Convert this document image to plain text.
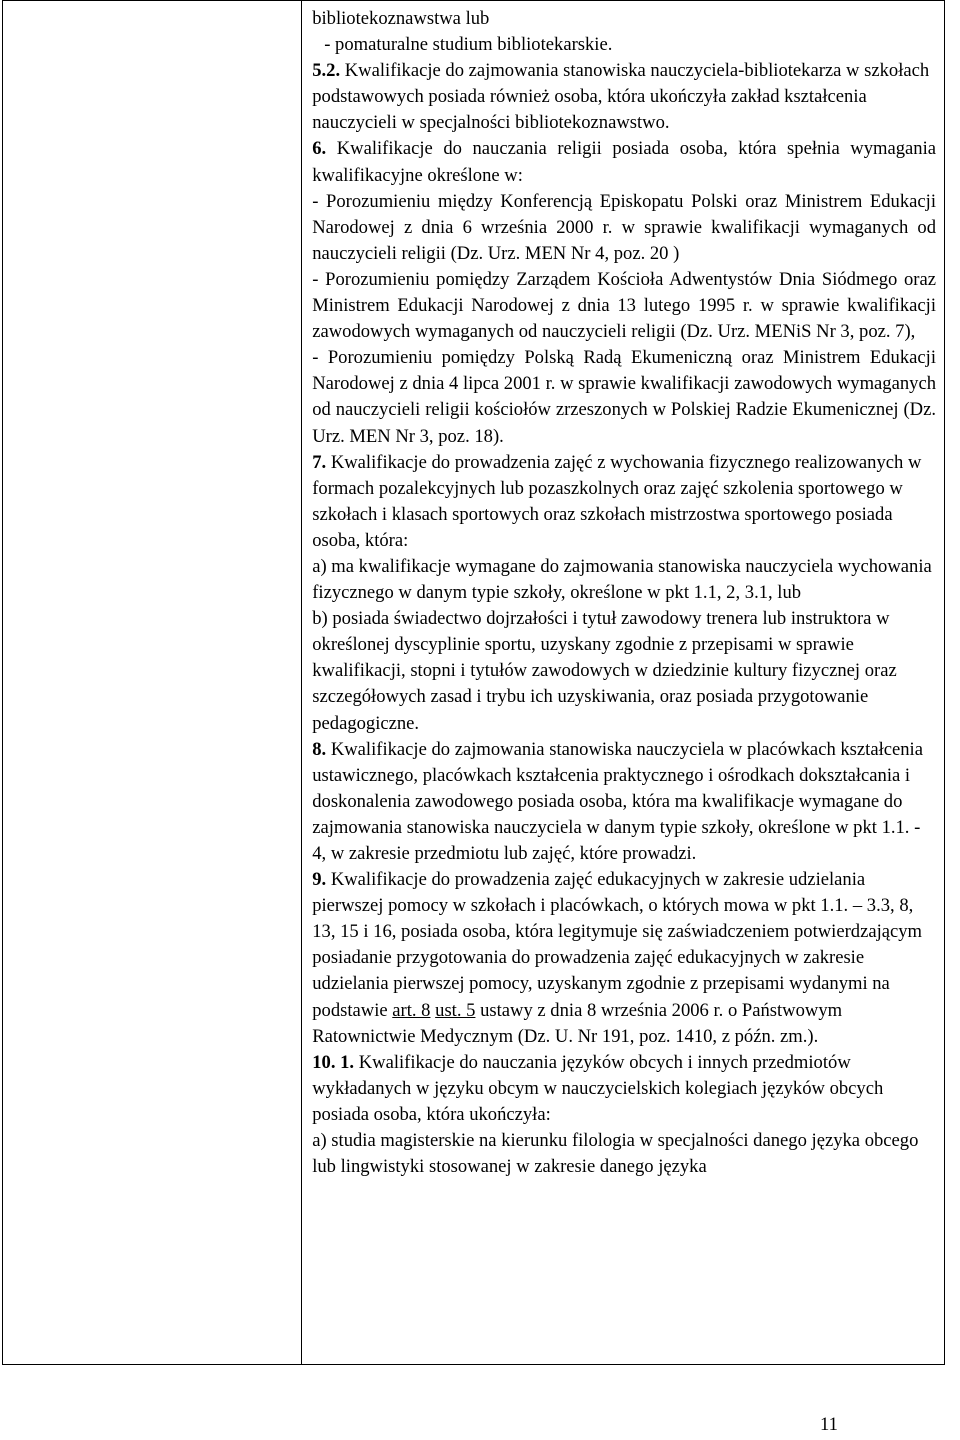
bibliotekoznawstwa lub

- pomaturalne studium bibliotekarskie.

5.2. Kwalifikacje do zajmowania stanowiska nauczyciela-bibliotekarza w szkołach podstawowych posiada również osoba, która ukończyła zakład kształcenia nauczycieli w specjalności bibliotekoznawstwo.

6. Kwalifikacje do nauczania religii posiada osoba, która spełnia wymagania kwalifikacyjne określone w:

- Porozumieniu między Konferencją Episkopatu Polski oraz Ministrem Edukacji Narodowej z dnia 6 września 2000 r. w sprawie kwalifikacji wymaganych od nauczycieli religii (Dz. Urz. MEN Nr 4, poz. 20 )

- Porozumieniu pomiędzy Zarządem Kościoła Adwentystów Dnia Siódmego oraz Ministrem Edukacji Narodowej z dnia 13 lutego 1995 r. w sprawie kwalifikacji zawodowych wymaganych od nauczycieli religii (Dz. Urz. MENiS Nr 3, poz. 7),

- Porozumieniu pomiędzy Polską Radą Ekumeniczną oraz Ministrem Edukacji Narodowej z dnia 4 lipca 2001 r. w sprawie kwalifikacji zawodowych wymaganych od nauczycieli religii kościołów zrzeszonych w Polskiej Radzie Ekumenicznej (Dz. Urz. MEN Nr 3, poz. 18).

7. Kwalifikacje do prowadzenia zajęć z wychowania fizycznego realizowanych w formach pozalekcyjnych lub pozaszkolnych oraz zajęć szkolenia sportowego w szkołach i klasach sportowych oraz szkołach mistrzostwa sportowego posiada osoba, która:

a) ma kwalifikacje wymagane do zajmowania stanowiska nauczyciela wychowania fizycznego w danym typie szkoły, określone w pkt 1.1, 2, 3.1, lub

b) posiada świadectwo dojrzałości i tytuł zawodowy trenera lub instruktora w określonej dyscyplinie sportu, uzyskany zgodnie z przepisami w sprawie kwalifikacji, stopni i tytułów zawodowych w dziedzinie kultury fizycznej oraz szczegółowych zasad i trybu ich uzyskiwania, oraz posiada przygotowanie pedagogiczne.

8. Kwalifikacje do zajmowania stanowiska nauczyciela w placówkach kształcenia ustawicznego, placówkach kształcenia praktycznego i ośrodkach dokształcania i doskonalenia zawodowego posiada osoba, która ma kwalifikacje wymagane do zajmowania stanowiska nauczyciela w danym typie szkoły, określone w pkt 1.1. - 4, w zakresie przedmiotu lub zajęć, które prowadzi.

9. Kwalifikacje do prowadzenia zajęć edukacyjnych w zakresie udzielania pierwszej pomocy w szkołach i placówkach, o których mowa w pkt 1.1. – 3.3, 8, 13, 15 i 16, posiada osoba, która legitymuje się zaświadczeniem potwierdzającym posiadanie przygotowania do prowadzenia zajęć edukacyjnych w zakresie udzielania pierwszej pomocy, uzyskanym zgodnie z przepisami wydanymi na podstawie art. 8 ust. 5 ustawy z dnia 8 września 2006 r. o Państwowym Ratownictwie Medycznym (Dz. U. Nr 191, poz. 1410, z późn. zm.).

10. 1. Kwalifikacje do nauczania języków obcych i innych przedmiotów wykładanych w języku obcym w nauczycielskich kolegiach języków obcych posiada osoba, która ukończyła:

a) studia magisterskie na kierunku filologia w specjalności danego języka obcego lub lingwistyki stosowanej w zakresie danego języka

11
